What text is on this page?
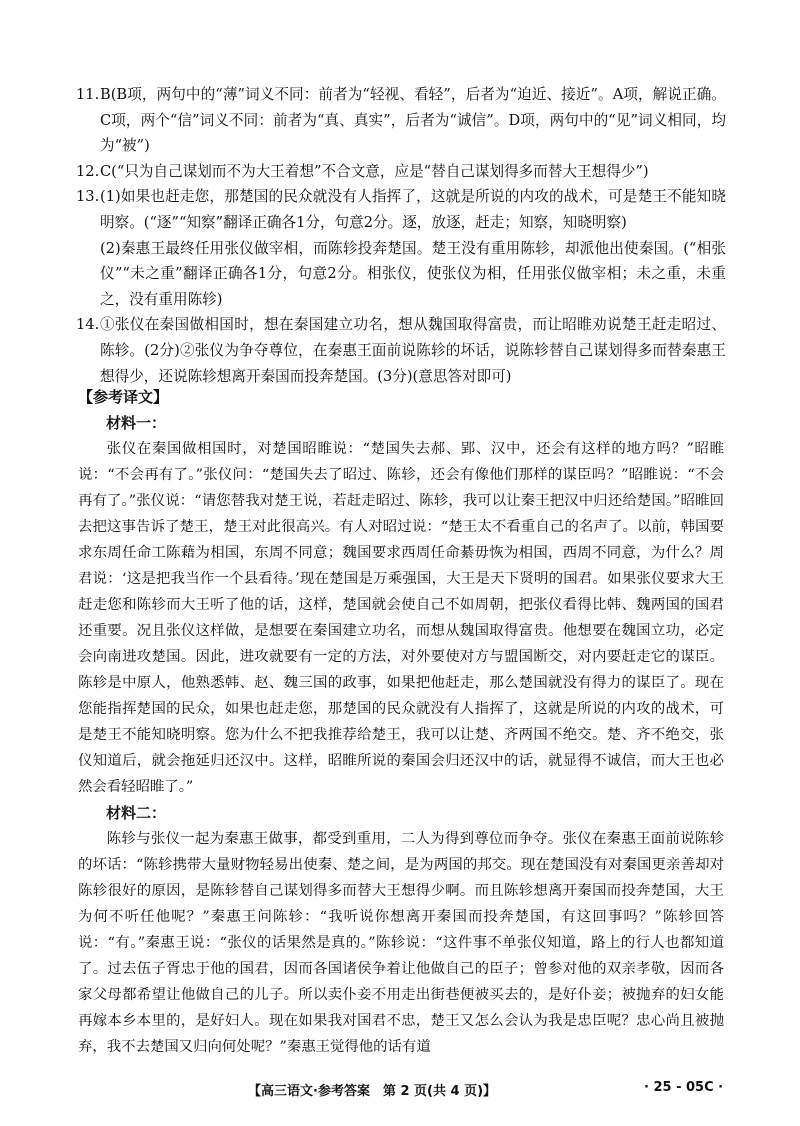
11. B(B项，两句中的“薄”词义不同：前者为“轻视、看轻”，后者为“迫近、接近”。A项，解说正确。C项，两个“信”词义不同：前者为“真、真实”，后者为“诚信”。D项，两句中的“见”词义相同，均为“被”)

12. C(“只为自己谋划而不为大王着想”不合文意，应是“替自己谋划得多而替大王想得少”)

13. (1)如果也赶走您，那楚国的民众就没有人指挥了，这就是所说的内攻的战术，可是楚王不能知晓明察。(“逐”“知察”翻译正确各1分，句意2分。逐，放逐，赶走；知察，知晓明察)

(2)秦惠王最终任用张仪做宰相，而陈轸投奔楚国。楚王没有重用陈轸，却派他出使秦国。(“相张仪”“未之重”翻译正确各1分，句意2分。相张仪，使张仪为相，任用张仪做宰相；未之重，未重之，没有重用陈轸)

14. ①张仪在秦国做相国时，想在秦国建立功名，想从魏国取得富贵，而让昭睢劝说楚王赶走昭过、陈轸。(2分)②张仪为争夺尊位，在秦惠王面前说陈轸的坏话，说陈轸替自己谋划得多而替秦惠王想得少，还说陈轸想离开秦国而投奔楚国。(3分)(意思答对即可)

【参考译文】
材料一：

张仪在秦国做相国时，对楚国昭睢说：“楚国失去郝、郢、汉中，还会有这样的地方吗？”昭睢说：“不会再有了。”张仪问：“楚国失去了昭过、陈轸，还会有像他们那样的谋臣吗？”昭睢说：“不会再有了。”张仪说：“请您替我对楚王说，若赶走昭过、陈轸，我可以让秦王把汉中归还给楚国。”昭睢回去把这事告诉了楚王，楚王对此很高兴。有人对昭过说：“楚王太不看重自己的名声了。以前，韩国要求东周任命工陈藉为相国，东周不同意；魏国要求西周任命綦毋恢为相国，西周不同意，为什么？周君说：‘这是把我当作一个县看待。’现在楚国是万乘强国，大王是天下贤明的国君。如果张仪要求大王赶走您和陈轸而大王听了他的话，这样，楚国就会使自己不如周朝，把张仪看得比韩、魏两国的国君还重要。况且张仪这样做，是想要在秦国建立功名，而想从魏国取得富贵。他想要在魏国立功，必定会向南进攻楚国。因此，进攻就要有一定的方法，对外要使对方与盟国断交，对内要赶走它的谋臣。陈轸是中原人，他熟悉韩、赵、魏三国的政事，如果把他赶走，那么楚国就没有得力的谋臣了。现在您能指挥楚国的民众，如果也赶走您，那楚国的民众就没有人指挥了，这就是所说的内攻的战术，可是楚王不能知晓明察。您为什么不把我推荐给楚王，我可以让楚、齐两国不绝交。楚、齐不绝交，张仪知道后，就会拖延归还汉中。这样，昭睢所说的秦国会归还汉中的话，就显得不诚信，而大王也必然会看轻昭睢了。”

材料二：

陈轸与张仪一起为秦惠王做事，都受到重用，二人为得到尊位而争夺。张仪在秦惠王面前说陈轸的坏话：“陈轸携带大量财物轻易出使秦、楚之间，是为两国的邦交。现在楚国没有对秦国更亲善却对陈轸很好的原因，是陈轸替自己谋划得多而替大王想得少啊。而且陈轸想离开秦国而投奔楚国，大王为何不听任他呢？”秦惠王问陈轸：“我听说你想离开秦国而投奔楚国，有这回事吗？”陈轸回答说：“有。”秦惠王说：“张仪的话果然是真的。”陈轸说：“这件事不单张仪知道，路上的行人也都知道了。过去伍子胥忠于他的国君，因而各国诸侯争着让他做自己的臣子；曾参对他的双亲孝敬，因而各家父母都希望让他做自己的儿子。所以卖仆妾不用走出街巷便被买去的，是好仆妾；被抛弃的妇女能再嫁本乡本里的，是好妇人。现在如果我对国君不忠，楚王又怎么会认为我是忠臣呢？忠心尚且被抛弃，我不去楚国又归向何处呢？”秦惠王觉得他的话有道

【高三语文·参考答案　第 2 页(共 4 页)】	· 25 - 05C ·
